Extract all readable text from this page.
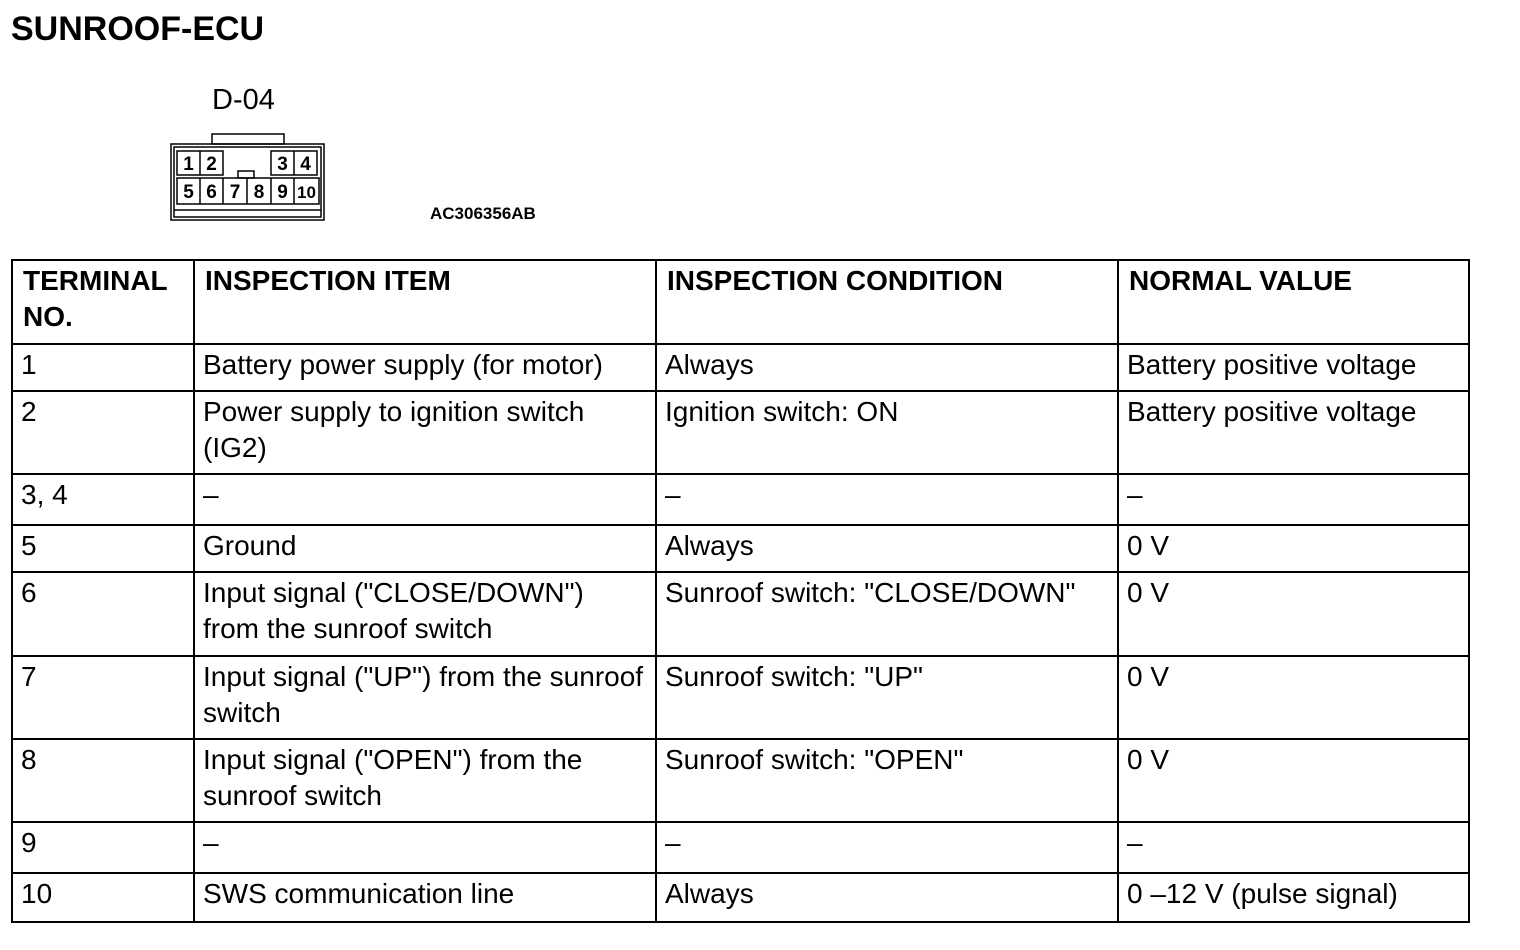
SUNROOF-ECU
D-04
1 2	3 4
5 6 7 8 9 10
AC306356AB
TERMINAL NO.	INSPECTION ITEM	INSPECTION CONDITION	NORMAL VALUE
1	Battery power supply (for motor)	Always	Battery positive voltage
2	Power supply to ignition switch (IG2)	Ignition switch: ON	Battery positive voltage
3, 4	–	–	–
5	Ground	Always	0 V
6	Input signal ("CLOSE/DOWN") from the sunroof switch	Sunroof switch: "CLOSE/DOWN"	0 V
7	Input signal ("UP") from the sunroof switch	Sunroof switch: "UP"	0 V
8	Input signal ("OPEN") from the sunroof switch	Sunroof switch: "OPEN"	0 V
9	–	–	–
10	SWS communication line	Always	0 –12 V (pulse signal)
